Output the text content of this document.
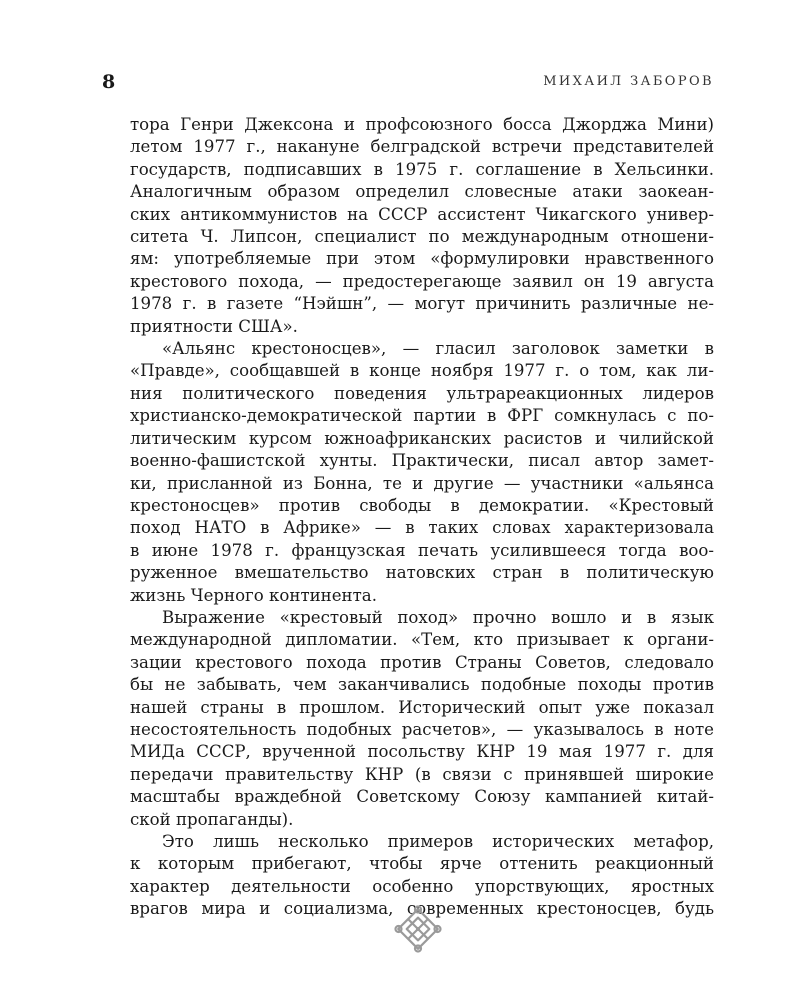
8	МИХАИЛ ЗАБОРОВ
тора Генри Джексона и профсоюзного босса Джорджа Мини)
летом 1977 г., накануне белградской встречи представителей
государств, подписавших в 1975 г. соглашение в Хельсинки.
Аналогичным образом определил словесные атаки заокеан-
ских антикоммунистов на СССР ассистент Чикагского универ-
ситета Ч. Липсон, специалист по международным отношени-
ям: употребляемые при этом «формулировки нравственного
крестового похода, — предостерегающе заявил он 19 августа
1978 г. в газете “Нэйшн”, — могут причинить различные не-
приятности США».
«Альянс крестоносцев», — гласил заголовок заметки в
«Правде», сообщавшей в конце ноября 1977 г. о том, как ли-
ния политического поведения ультрареакционных лидеров
христианско-демократической партии в ФРГ сомкнулась с по-
литическим курсом южноафриканских расистов и чилийской
военно-фашистской хунты. Практически, писал автор замет-
ки, присланной из Бонна, те и другие — участники «альянса
крестоносцев» против свободы в демократии. «Крестовый
поход НАТО в Африке» — в таких словах характеризовала
в июне 1978 г. французская печать усилившееся тогда воо-
руженное вмешательство натовских стран в политическую
жизнь Черного континента.
Выражение «крестовый поход» прочно вошло и в язык
международной дипломатии. «Тем, кто призывает к органи-
зации крестового похода против Страны Советов, следовало
бы не забывать, чем заканчивались подобные походы против
нашей страны в прошлом. Исторический опыт уже показал
несостоятельность подобных расчетов», — указывалось в ноте
МИДа СССР, врученной посольству КНР 19 мая 1977 г. для
передачи правительству КНР (в связи с принявшей широкие
масштабы враждебной Советскому Союзу кампанией китай-
ской пропаганды).
Это лишь несколько примеров исторических метафор,
к которым прибегают, чтобы ярче оттенить реакционный
характер деятельности особенно упорствующих, яростных
врагов мира и социализма, современных крестоносцев, будь
